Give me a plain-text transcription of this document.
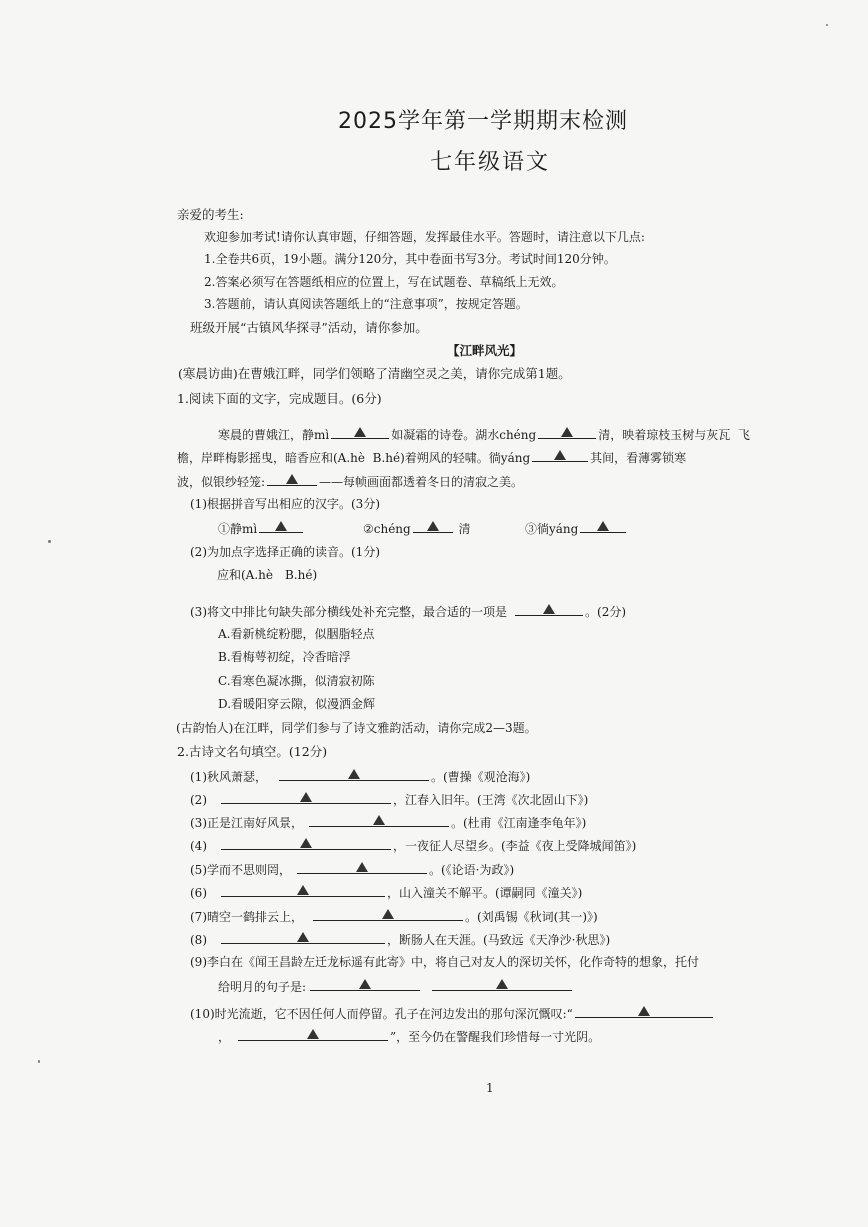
2025学年第一学期期末检测
七年级语文
亲爱的考生:
欢迎参加考试!请你认真审题，仔细答题，发挥最佳水平。答题时，请注意以下几点:
1.全卷共6页，19小题。满分120分，其中卷面书写3分。考试时间120分钟。
2.答案必须写在答题纸相应的位置上，写在试题卷、草稿纸上无效。
3.答题前，请认真阅读答题纸上的“注意事项”，按规定答题。
班级开展“古镇风华探寻”活动，请你参加。
【江畔风光】
(寒晨访曲)在曹娥江畔，同学们领略了清幽空灵之美，请你完成第1题。
1.阅读下面的文字，完成题目。(6分)
寒晨的曹娥江，静mì	如凝霜的诗卷。湖水chéng	清，映着琼枝玉树与灰瓦 飞
檐，岸畔梅影摇曳，暗香应和(A.hè B.hé)着朔风的轻啸。徜yáng	其间，看薄雾锁寒
波，似银纱轻笼:	——每帧画面都透着冬日的清寂之美。
(1)根据拼音写出相应的汉字。(3分)
①静mì	②chéng	清	③徜yáng
(2)为加点字选择正确的读音。(1分)
应和(A.hè　B.hé)
(3)将文中排比句缺失部分横线处补充完整，最合适的一项是	。(2分)
A.看新桃绽粉腮，似胭脂轻点
B.看梅萼初绽，冷香暗浮
C.看寒色凝冰撕，似清寂初陈
D.看暖阳穿云隙，似漫洒金辉
(古韵怡人)在江畔，同学们参与了诗文雅韵活动，请你完成2—3题。
2.古诗文名句填空。(12分)
(1)秋风萧瑟，	。(曹操《观沧海》)
(2)	，江春入旧年。(王湾《次北固山下》)
(3)正是江南好风景，	。(杜甫《江南逢李龟年》)
(4)	，一夜征人尽望乡。(李益《夜上受降城闻笛》)
(5)学而不思则罔，	。(《论语·为政》)
(6)	，山入潼关不解平。(谭嗣同《潼关》)
(7)晴空一鹤排云上，	。(刘禹锡《秋词(其一)》)
(8)	，断肠人在天涯。(马致远《天净沙·秋思》)
(9)李白在《闻王昌龄左迁龙标遥有此寄》中，将自己对友人的深切关怀，化作奇特的想象，托付
给明月的句子是:
(10)时光流逝，它不因任何人而停留。孔子在河边发出的那句深沉慨叹:“
，	”，至今仍在警醒我们珍惜每一寸光阴。
1
